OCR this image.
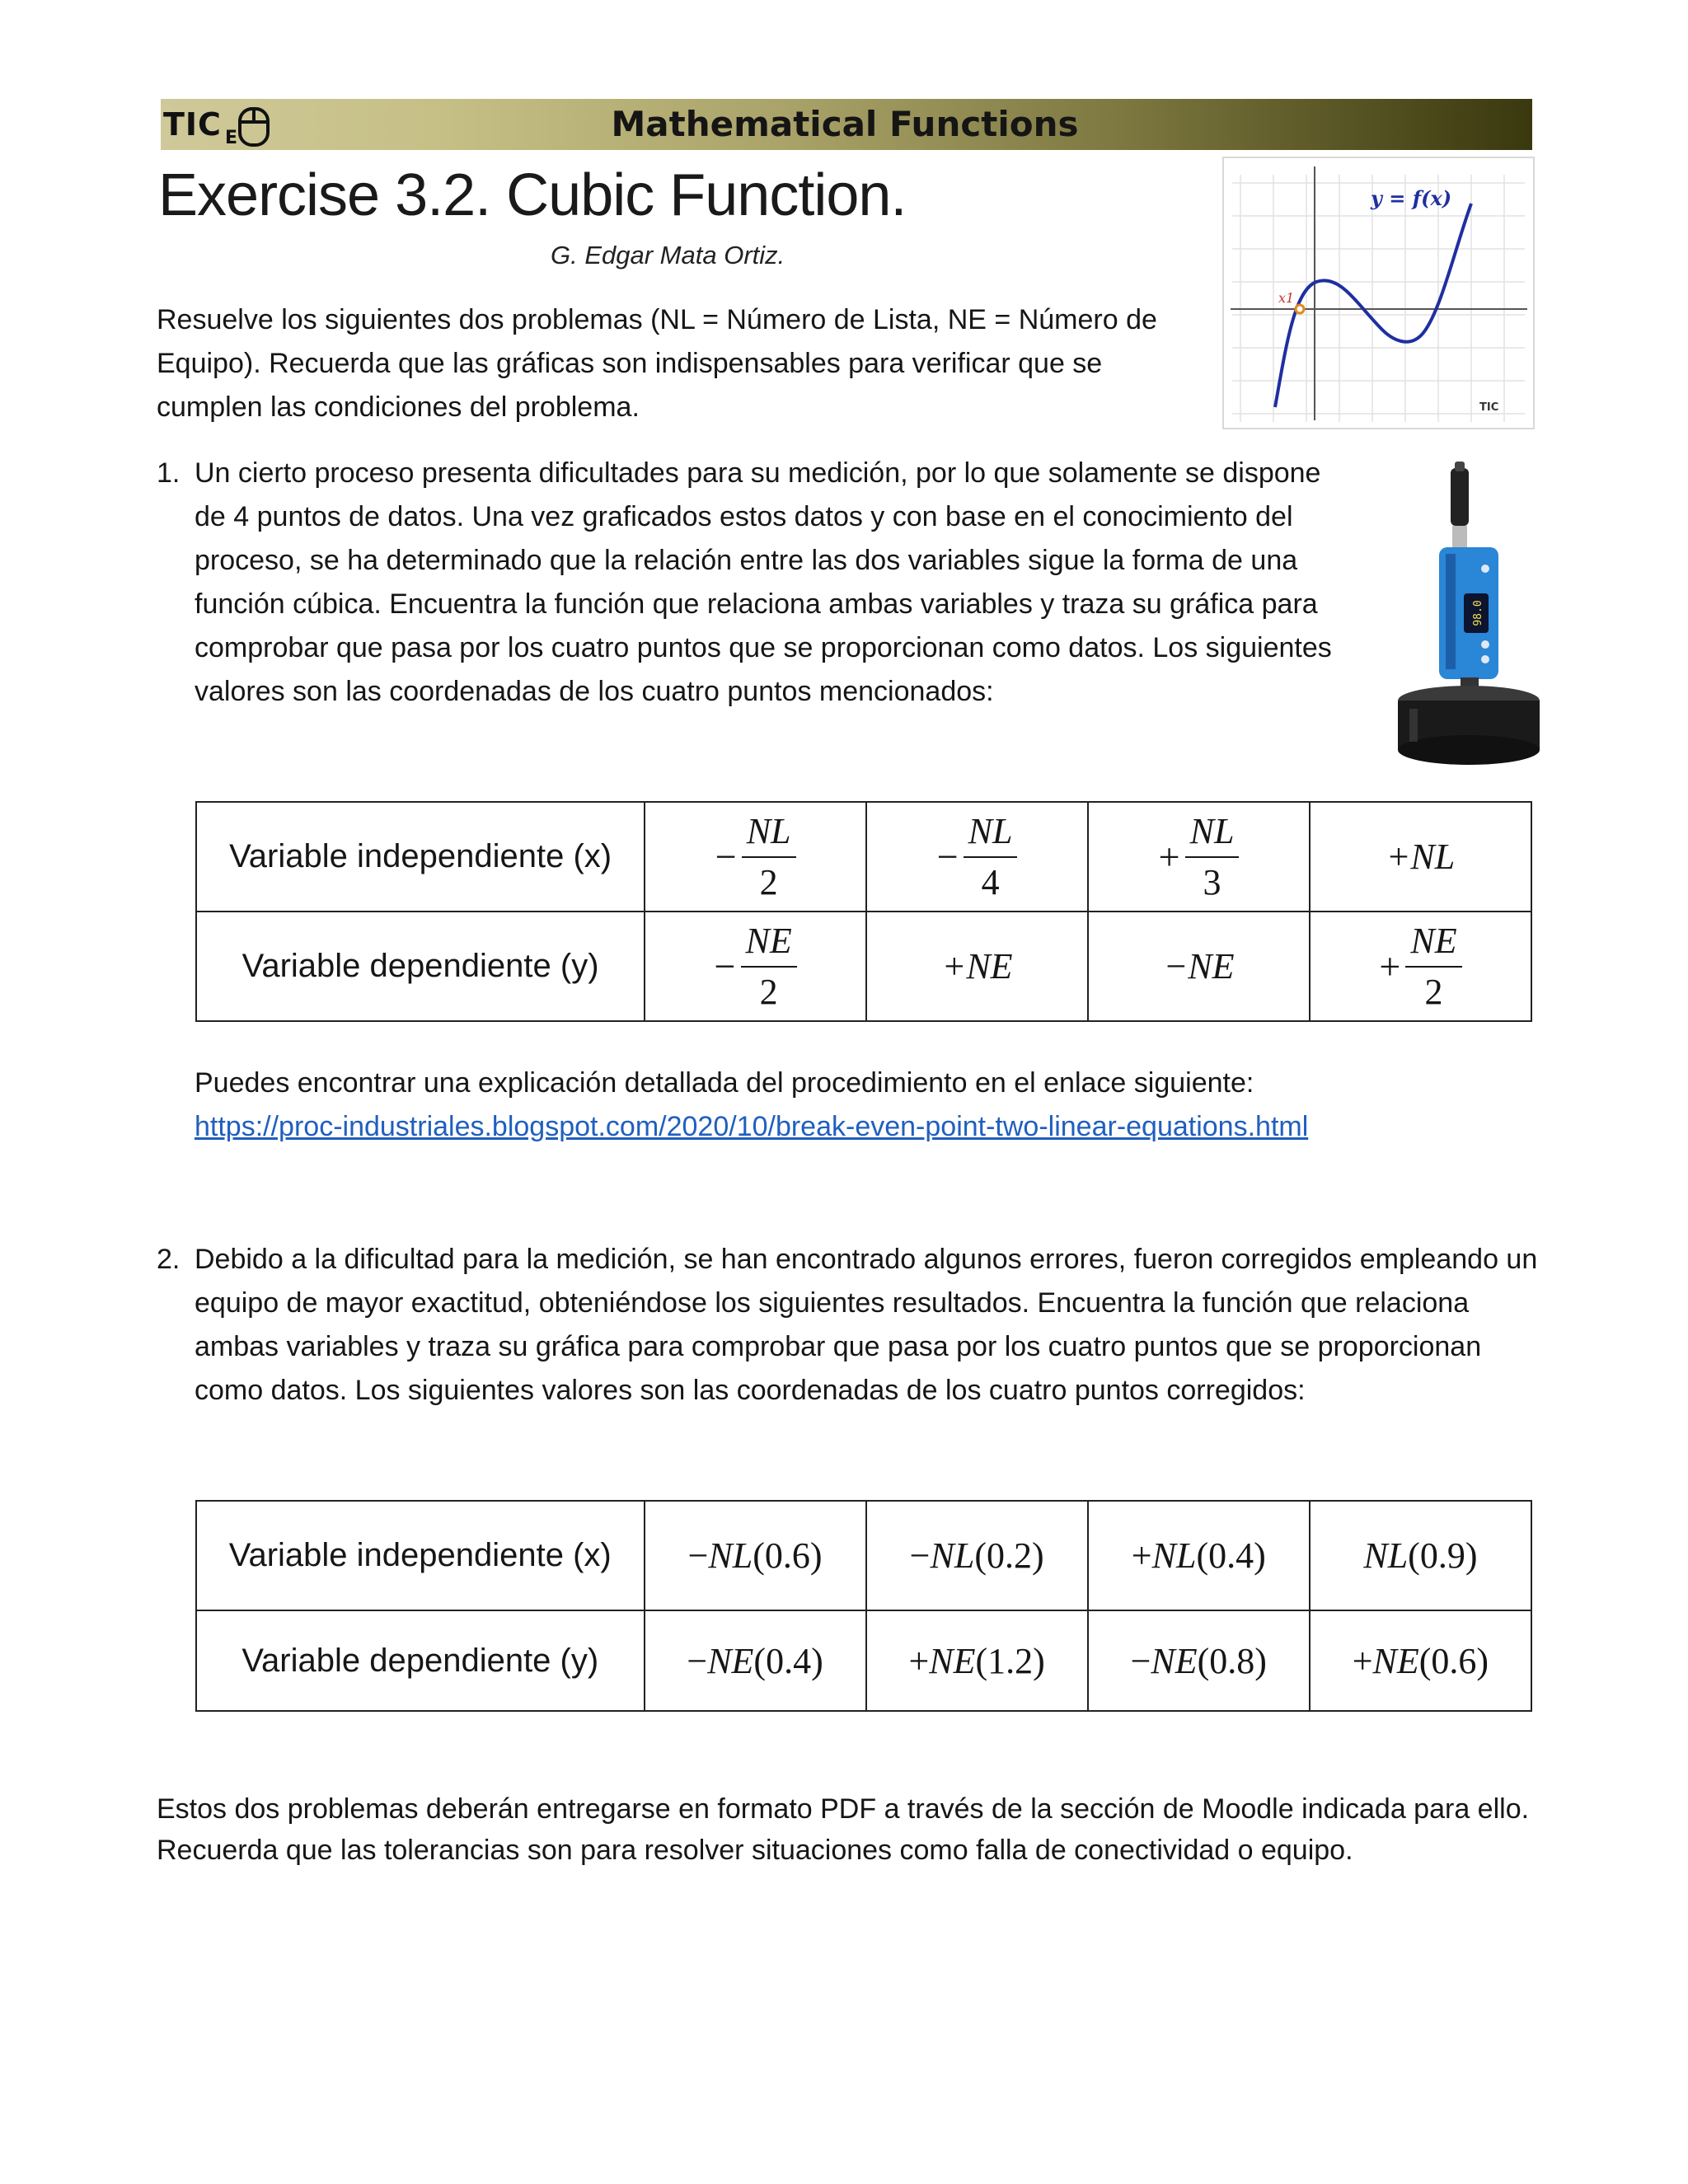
TIC E	Mathematical Functions
Exercise 3.2. Cubic Function.
G. Edgar Mata Ortiz.
x1
y = f(x)
TIC
Resuelve los siguientes dos problemas (NL = Número de Lista, NE = Número de Equipo). Recuerda que las gráficas son indispensables para verificar que se cumplen las condiciones del problema.
1. Un cierto proceso presenta dificultades para su medición, por lo que solamente se dispone de 4 puntos de datos. Una vez graficados estos datos y con base en el conocimiento del proceso, se ha determinado que la relación entre las dos variables sigue la forma de una función cúbica. Encuentra la función que relaciona ambas variables y traza su gráfica para comprobar que pasa por los cuatro puntos que se proporcionan como datos. Los siguientes valores son las coordenadas de los cuatro puntos mencionados:
98.0
Variable independiente (x)	− $\frac{NL}{2}$	− $\frac{NL}{4}$	+ $\frac{NL}{3}$	+NL
Variable dependiente (y)	− $\frac{NE}{2}$	+NE	−NE	+ $\frac{NE}{2}$
Puedes encontrar una explicación detallada del procedimiento en el enlace siguiente:
https://proc-industriales.blogspot.com/2020/10/break-even-point-two-linear-equations.html
2. Debido a la dificultad para la medición, se han encontrado algunos errores, fueron corregidos empleando un equipo de mayor exactitud, obteniéndose los siguientes resultados. Encuentra la función que relaciona ambas variables y traza su gráfica para comprobar que pasa por los cuatro puntos que se proporcionan como datos. Los siguientes valores son las coordenadas de los cuatro puntos corregidos:
Variable independiente (x)	−NL(0.6)	−NL(0.2)	+NL(0.4)	NL(0.9)
Variable dependiente (y)	−NE(0.4)	+NE(1.2)	−NE(0.8)	+NE(0.6)
Estos dos problemas deberán entregarse en formato PDF a través de la sección de Moodle indicada para ello. Recuerda que las tolerancias son para resolver situaciones como falla de conectividad o equipo.
